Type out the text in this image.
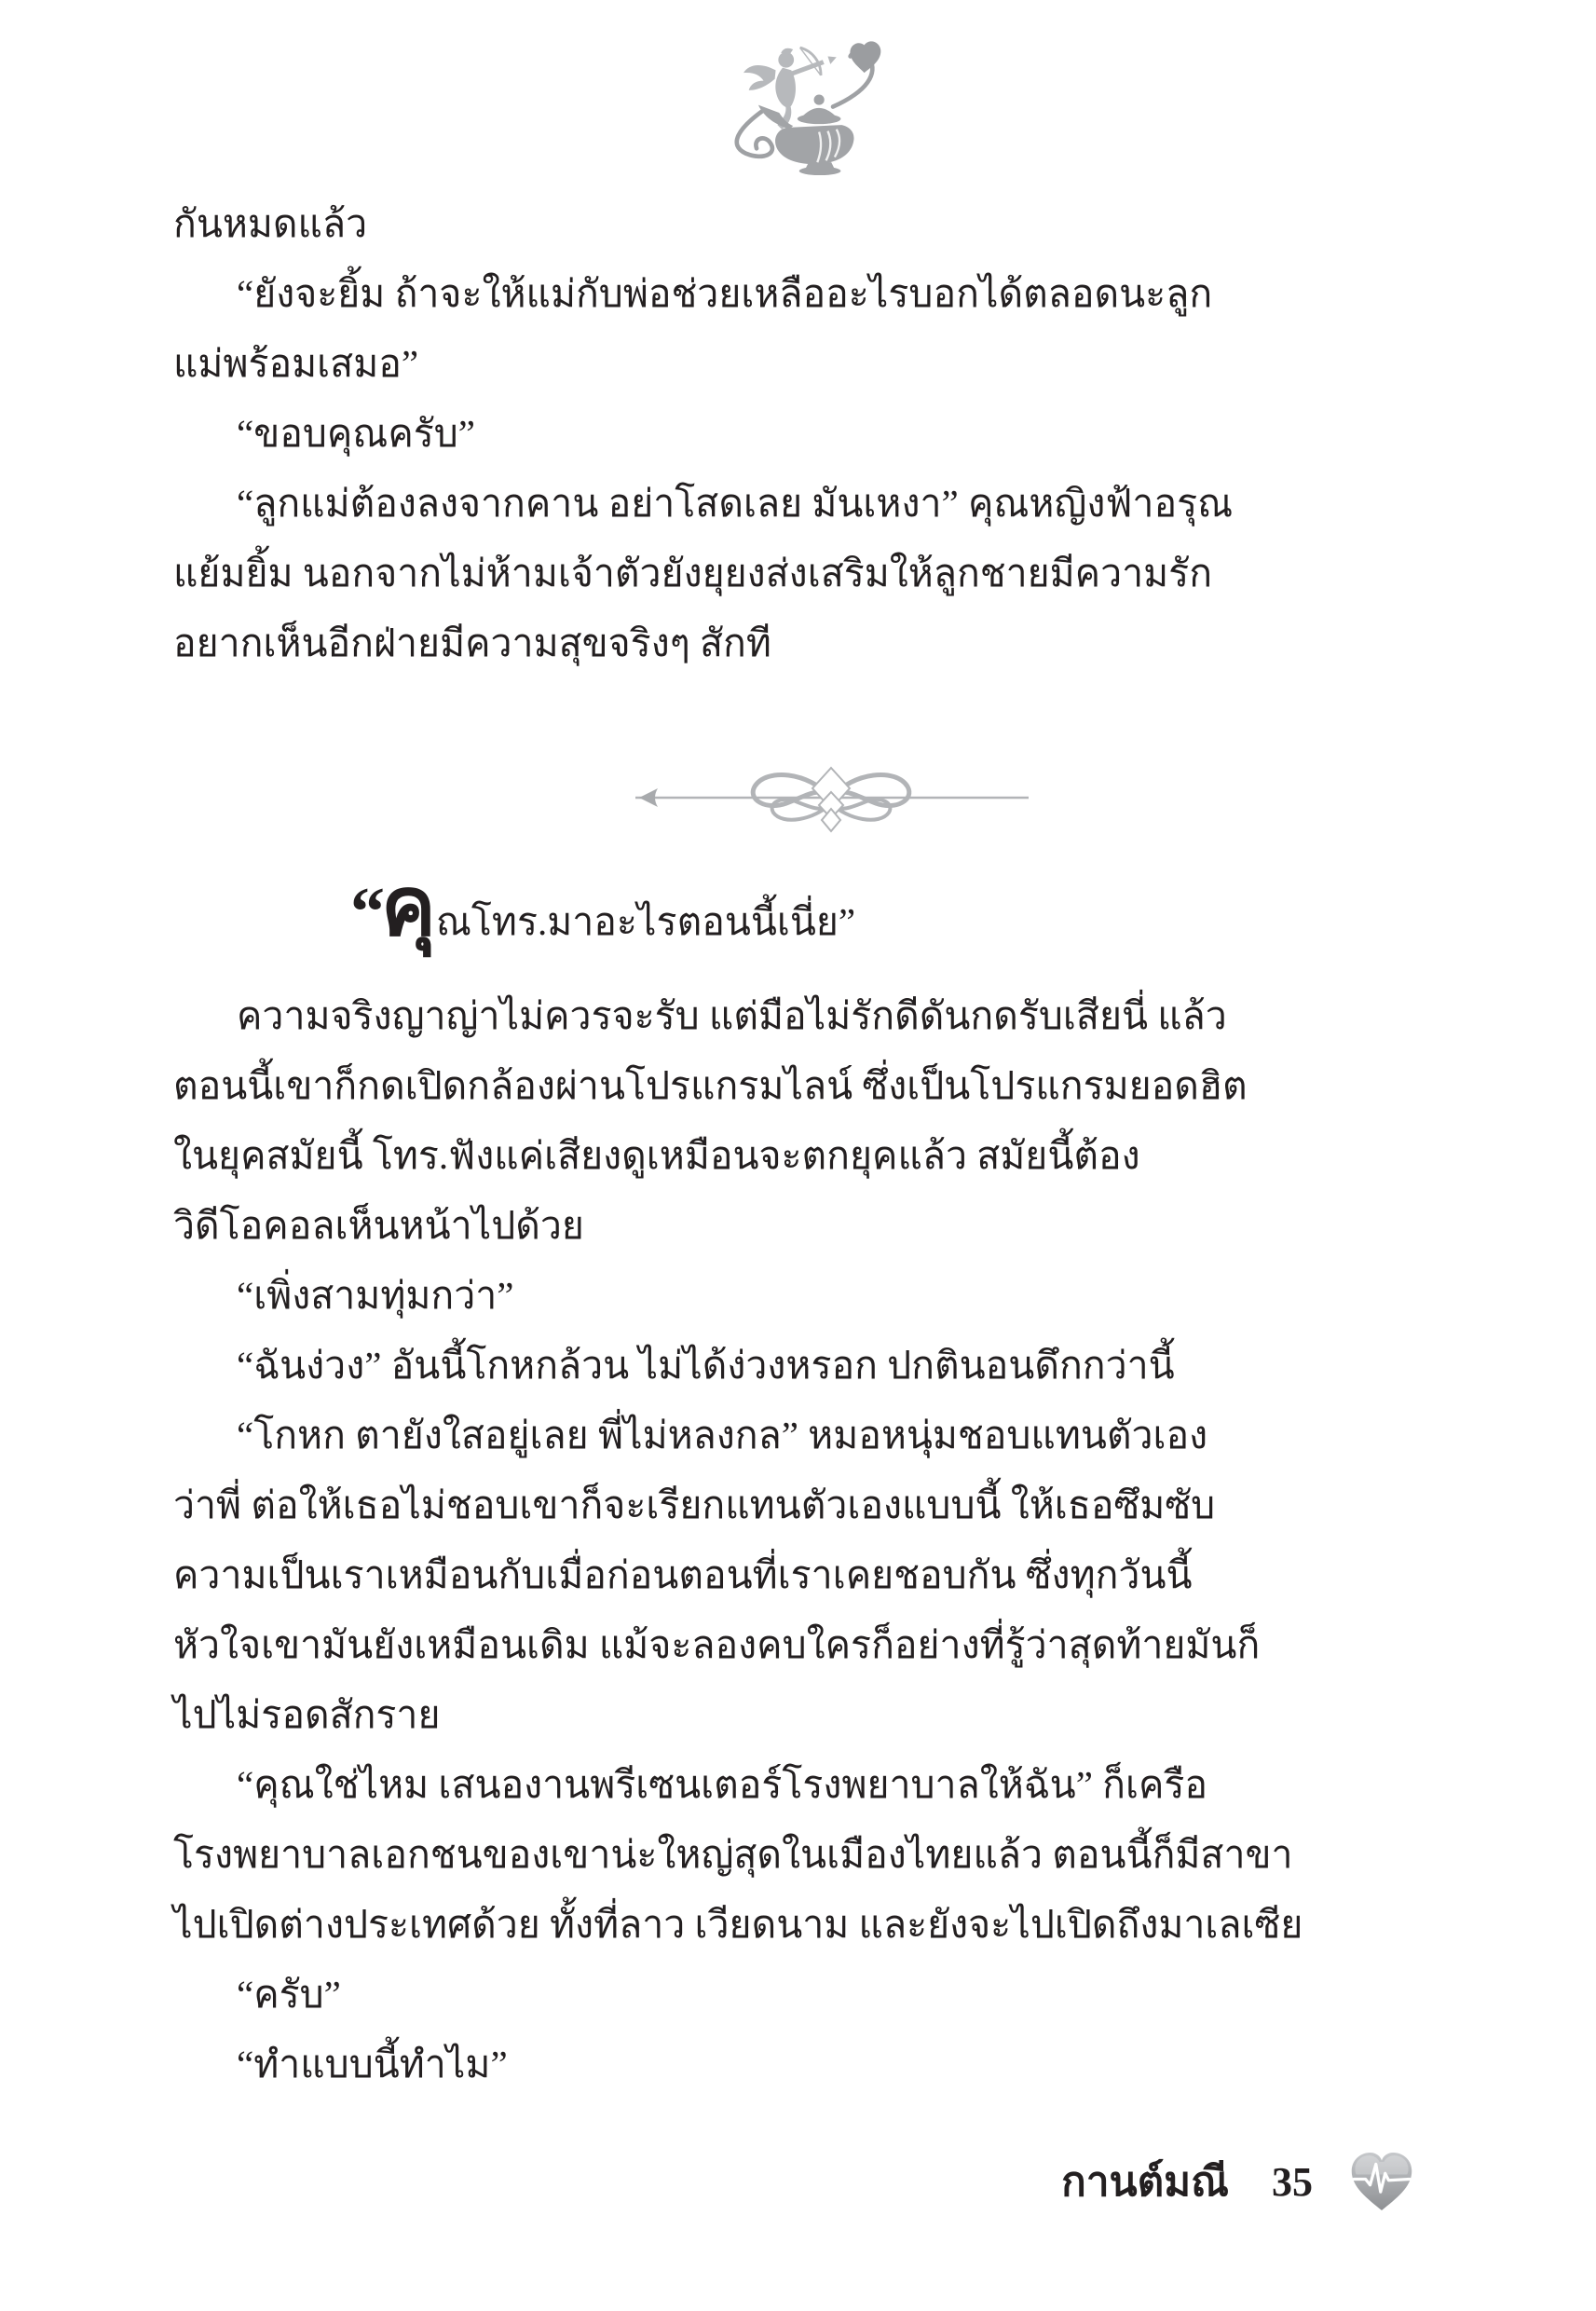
กันหมดแล้ว
“ยังจะยิ้ม ถ้าจะให้แม่กับพ่อช่วยเหลืออะไรบอกได้ตลอดนะลูก
แม่พร้อมเสมอ”
“ขอบคุณครับ”
“ลูกแม่ต้องลงจากคาน อย่าโสดเลย มันเหงา” คุณหญิงฟ้าอรุณ
แย้มยิ้ม นอกจากไม่ห้ามเจ้าตัวยังยุยงส่งเสริมให้ลูกชายมีความรัก
อยากเห็นอีกฝ่ายมีความสุขจริงๆ สักที
“คุณโทร.มาอะไรตอนนี้เนี่ย”
ความจริงญาญ่าไม่ควรจะรับ แต่มือไม่รักดีดันกดรับเสียนี่ แล้ว
ตอนนี้เขาก็กดเปิดกล้องผ่านโปรแกรมไลน์ ซึ่งเป็นโปรแกรมยอดฮิต
ในยุคสมัยนี้ โทร.ฟังแค่เสียงดูเหมือนจะตกยุคแล้ว สมัยนี้ต้อง
วิดีโอคอลเห็นหน้าไปด้วย
“เพิ่งสามทุ่มกว่า”
“ฉันง่วง” อันนี้โกหกล้วน ไม่ได้ง่วงหรอก ปกตินอนดึกกว่านี้
“โกหก ตายังใสอยู่เลย พี่ไม่หลงกล” หมอหนุ่มชอบแทนตัวเอง
ว่าพี่ ต่อให้เธอไม่ชอบเขาก็จะเรียกแทนตัวเองแบบนี้ ให้เธอซึมซับ
ความเป็นเราเหมือนกับเมื่อก่อนตอนที่เราเคยชอบกัน ซึ่งทุกวันนี้
หัวใจเขามันยังเหมือนเดิม แม้จะลองคบใครก็อย่างที่รู้ว่าสุดท้ายมันก็
ไปไม่รอดสักราย
“คุณใช่ไหม เสนองานพรีเซนเตอร์โรงพยาบาลให้ฉัน” ก็เครือ
โรงพยาบาลเอกชนของเขาน่ะใหญ่สุดในเมืองไทยแล้ว ตอนนี้ก็มีสาขา
ไปเปิดต่างประเทศด้วย ทั้งที่ลาว เวียดนาม และยังจะไปเปิดถึงมาเลเซีย
“ครับ”
“ทำแบบนี้ทำไม”
กานต์มณี 35
